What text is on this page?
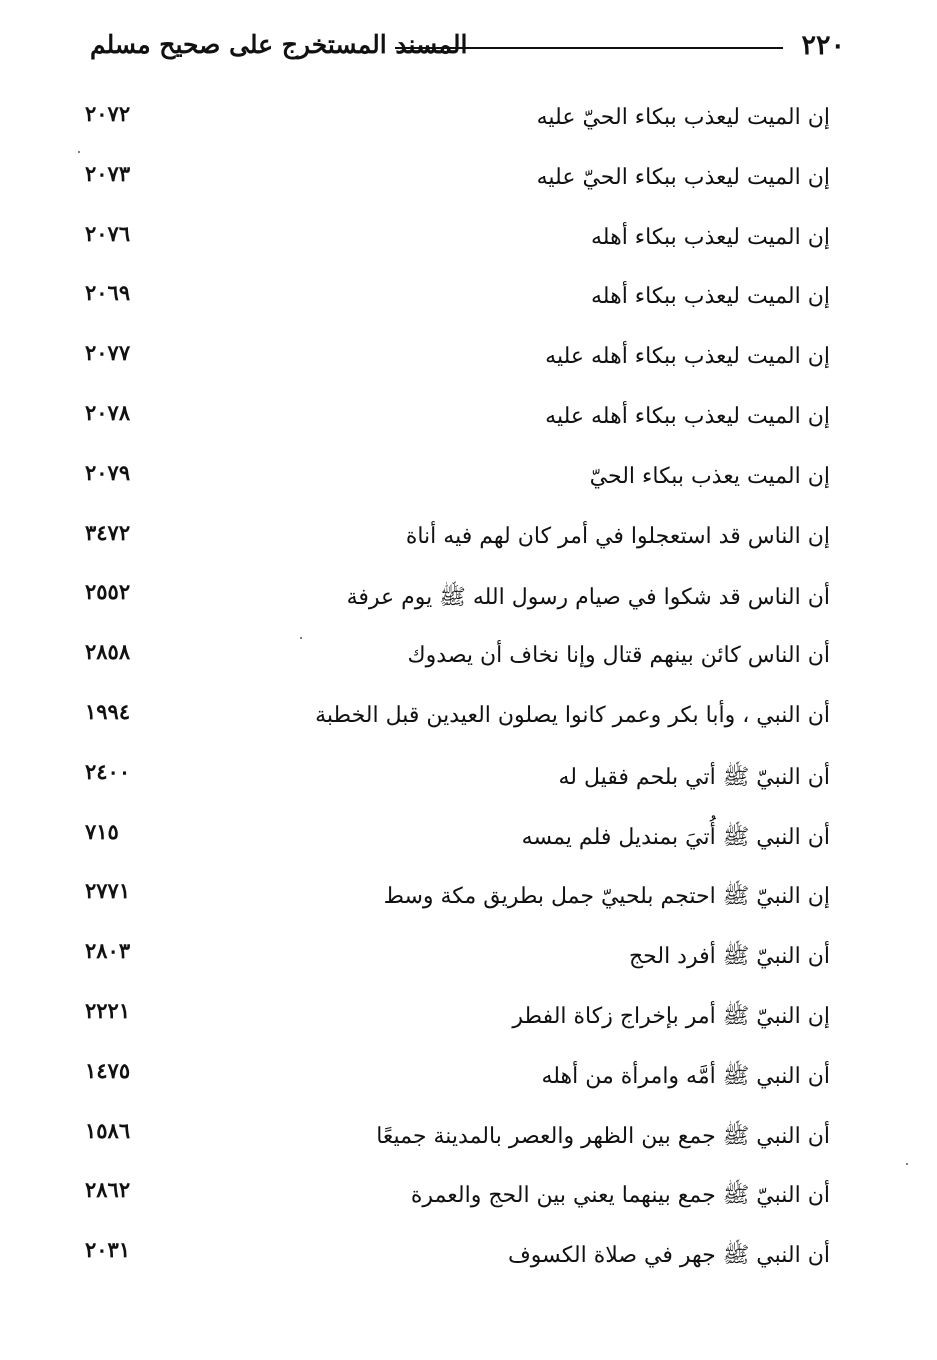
٢٢٠
المسند المستخرج على صحيح مسلم
إن الميت ليعذب ببكاء الحيّ عليه
٢٠٧٢
إن الميت ليعذب ببكاء الحيّ عليه
٢٠٧٣
إن الميت ليعذب ببكاء أهله
٢٠٧٦
إن الميت ليعذب ببكاء أهله
٢٠٦٩
إن الميت ليعذب ببكاء أهله عليه
٢٠٧٧
إن الميت ليعذب ببكاء أهله عليه
٢٠٧٨
إن الميت يعذب ببكاء الحيّ
٢٠٧٩
إن الناس قد استعجلوا في أمر كان لهم فيه أناة
٣٤٧٢
أن الناس قد شكوا في صيام رسول الله ﷺ يوم عرفة
٢٥٥٢
أن الناس كائن بينهم قتال وإنا نخاف أن يصدوك
٢٨٥٨
أن النبي ، وأبا بكر وعمر كانوا يصلون العيدين قبل الخطبة
١٩٩٤
أن النبيّ ﷺ أتي بلحم فقيل له
٢٤٠٠
أن النبي ﷺ أُتيَ بمنديل فلم يمسه
٧١٥
إن النبيّ ﷺ احتجم بلحييّ جمل بطريق مكة وسط
٢٧٧١
أن النبيّ ﷺ أفرد الحج
٢٨٠٣
إن النبيّ ﷺ أمر بإخراج زكاة الفطر
٢٢٢١
أن النبي ﷺ أمَّه وامرأة من أهله
١٤٧٥
أن النبي ﷺ جمع بين الظهر والعصر بالمدينة جميعًا
١٥٨٦
أن النبيّ ﷺ جمع بينهما يعني بين الحج والعمرة
٢٨٦٢
أن النبي ﷺ جهر في صلاة الكسوف
٢٠٣١
